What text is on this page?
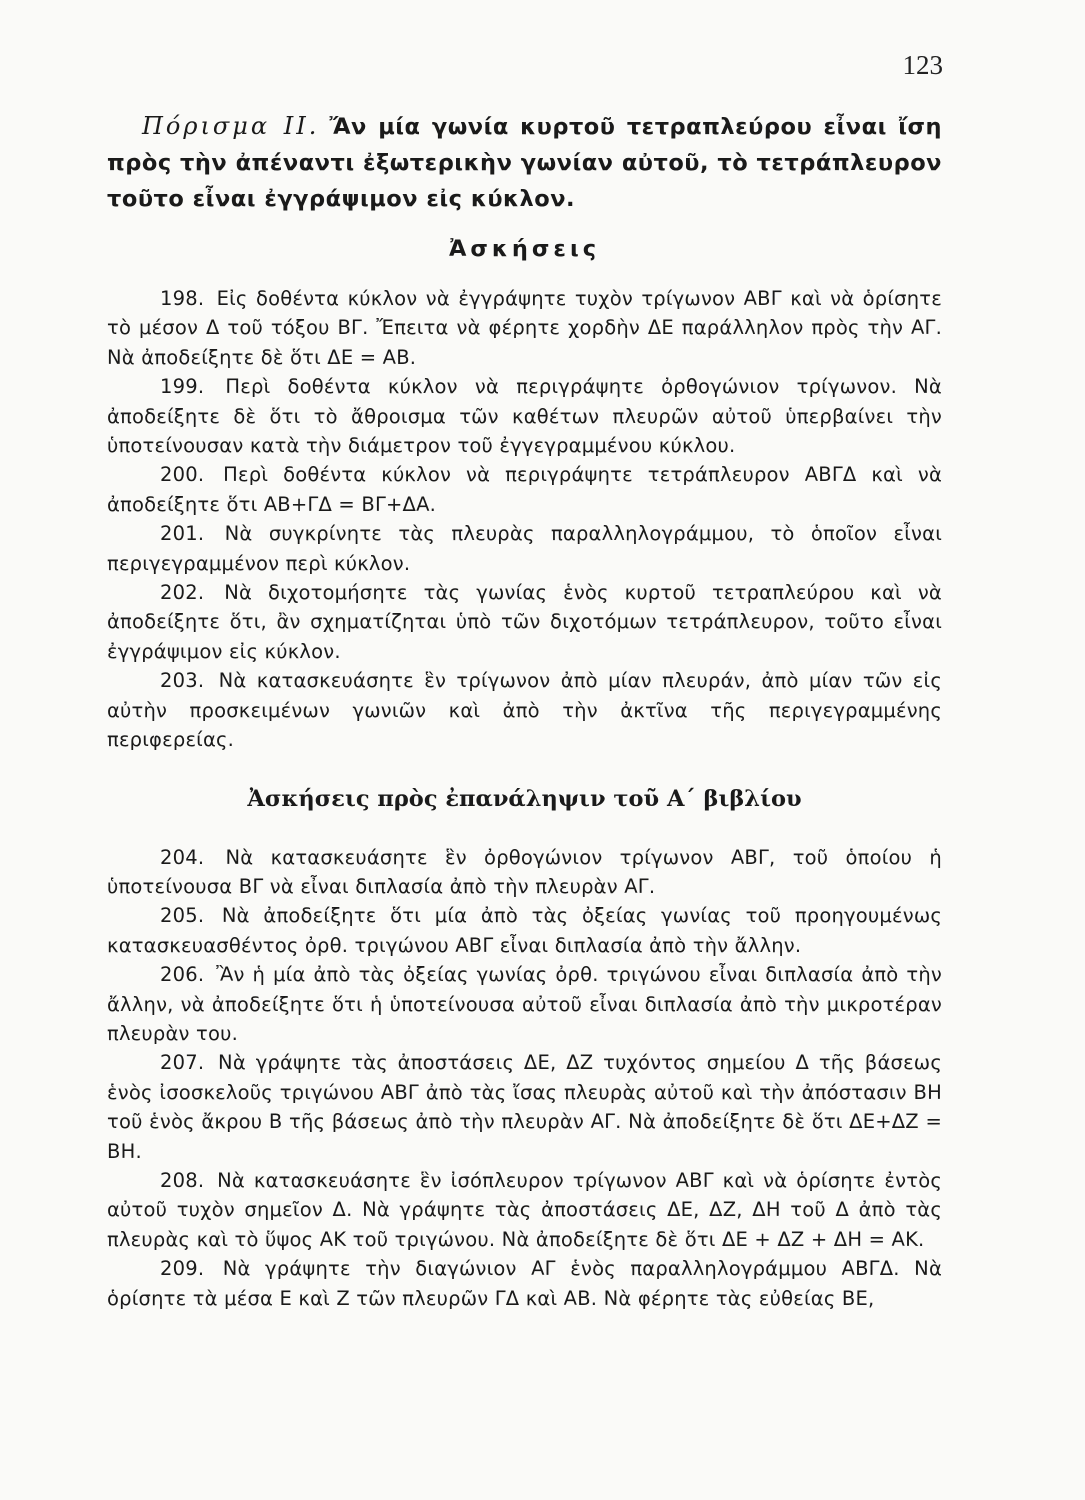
123

Πόρισμα II. Ἄν μία γωνία κυρτοῦ τετραπλεύρου εἶναι ἴση πρὸς τὴν ἀπέναντι ἐξωτερικὴν γωνίαν αὐτοῦ, τὸ τετράπλευρον τοῦτο εἶναι ἐγγράψιμον εἰς κύκλον.

Ἀσκήσεις

198. Εἰς δοθέντα κύκλον νὰ ἐγγράψητε τυχὸν τρίγωνον ΑΒΓ καὶ νὰ ὁρίσητε τὸ μέσον Δ τοῦ τόξου ΒΓ. Ἔπειτα νὰ φέρητε χορδὴν ΔΕ παράλληλον πρὸς τὴν ΑΓ. Νὰ ἀποδείξητε δὲ ὅτι ΔΕ = ΑΒ.

199. Περὶ δοθέντα κύκλον νὰ περιγράψητε ὀρθογώνιον τρίγωνον. Νὰ ἀποδείξητε δὲ ὅτι τὸ ἄθροισμα τῶν καθέτων πλευρῶν αὐτοῦ ὑπερβαίνει τὴν ὑποτείνουσαν κατὰ τὴν διάμετρον τοῦ ἐγγεγραμμένου κύκλου.

200. Περὶ δοθέντα κύκλον νὰ περιγράψητε τετράπλευρον ΑΒΓΔ καὶ νὰ ἀποδείξητε ὅτι ΑΒ+ΓΔ = ΒΓ+ΔΑ.

201. Νὰ συγκρίνητε τὰς πλευρὰς παραλληλογράμμου, τὸ ὁποῖον εἶναι περιγεγραμμένον περὶ κύκλον.

202. Νὰ διχοτομήσητε τὰς γωνίας ἑνὸς κυρτοῦ τετραπλεύρου καὶ νὰ ἀποδείξητε ὅτι, ἂν σχηματίζηται ὑπὸ τῶν διχοτόμων τετράπλευρον, τοῦτο εἶναι ἐγγράψιμον εἰς κύκλον.

203. Νὰ κατασκευάσητε ἓν τρίγωνον ἀπὸ μίαν πλευράν, ἀπὸ μίαν τῶν εἰς αὐτὴν προσκειμένων γωνιῶν καὶ ἀπὸ τὴν ἀκτῖνα τῆς περιγεγραμμένης περιφερείας.

Ἀσκήσεις πρὸς ἐπανάληψιν τοῦ Α΄ βιβλίου

204. Νὰ κατασκευάσητε ἓν ὀρθογώνιον τρίγωνον ΑΒΓ, τοῦ ὁποίου ἡ ὑποτείνουσα ΒΓ νὰ εἶναι διπλασία ἀπὸ τὴν πλευρὰν ΑΓ.

205. Νὰ ἀποδείξητε ὅτι μία ἀπὸ τὰς ὀξείας γωνίας τοῦ προηγουμένως κατασκευασθέντος ὀρθ. τριγώνου ΑΒΓ εἶναι διπλασία ἀπὸ τὴν ἄλλην.

206. Ἂν ἡ μία ἀπὸ τὰς ὀξείας γωνίας ὀρθ. τριγώνου εἶναι διπλασία ἀπὸ τὴν ἄλλην, νὰ ἀποδείξητε ὅτι ἡ ὑποτείνουσα αὐτοῦ εἶναι διπλασία ἀπὸ τὴν μικροτέραν πλευρὰν του.

207. Νὰ γράψητε τὰς ἀποστάσεις ΔΕ, ΔΖ τυχόντος σημείου Δ τῆς βάσεως ἑνὸς ἰσοσκελοῦς τριγώνου ΑΒΓ ἀπὸ τὰς ἴσας πλευρὰς αὐτοῦ καὶ τὴν ἀπόστασιν ΒΗ τοῦ ἑνὸς ἄκρου Β τῆς βάσεως ἀπὸ τὴν πλευρὰν ΑΓ. Νὰ ἀποδείξητε δὲ ὅτι ΔΕ+ΔΖ = ΒΗ.

208. Νὰ κατασκευάσητε ἓν ἰσόπλευρον τρίγωνον ΑΒΓ καὶ νὰ ὁρίσητε ἐντὸς αὐτοῦ τυχὸν σημεῖον Δ. Νὰ γράψητε τὰς ἀποστάσεις ΔΕ, ΔΖ, ΔΗ τοῦ Δ ἀπὸ τὰς πλευρὰς καὶ τὸ ὕψος ΑΚ τοῦ τριγώνου. Νὰ ἀποδείξητε δὲ ὅτι ΔΕ + ΔΖ + ΔΗ = ΑΚ.

209. Νὰ γράψητε τὴν διαγώνιον ΑΓ ἑνὸς παραλληλογράμμου ΑΒΓΔ. Νὰ ὁρίσητε τὰ μέσα Ε καὶ Ζ τῶν πλευρῶν ΓΔ καὶ ΑΒ. Νὰ φέρητε τὰς εὐθείας ΒΕ,
